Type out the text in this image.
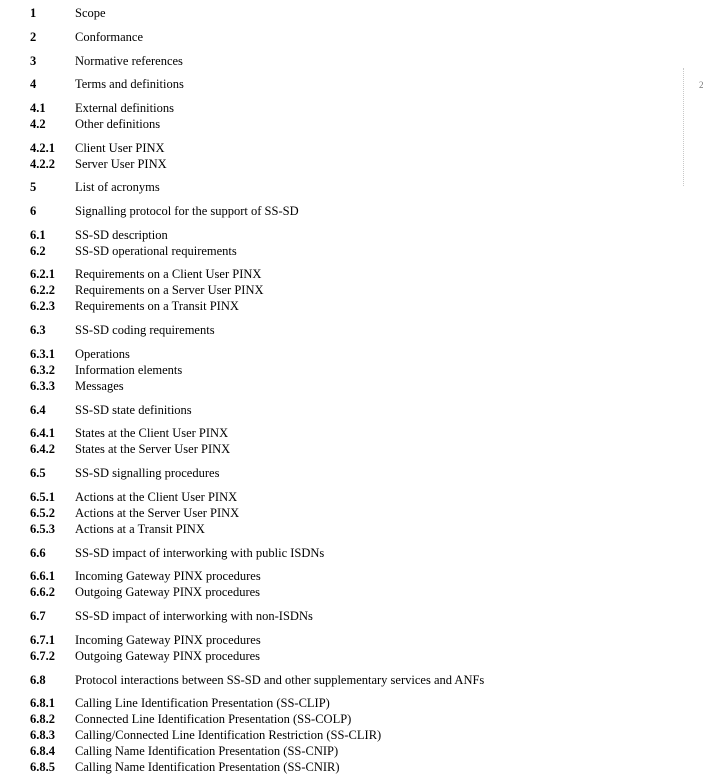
1	Scope
2	Conformance
3	Normative references
4	Terms and definitions
4.1 External definitions
4.2 Other definitions
4.2.1 Client User PINX
4.2.2 Server User PINX
5	List of acronyms
6	Signalling protocol for the support of SS-SD
6.1 SS-SD description
6.2 SS-SD operational requirements
6.2.1 Requirements on a Client User PINX
6.2.2 Requirements on a Server User PINX
6.2.3 Requirements on a Transit PINX
6.3 SS-SD coding requirements
6.3.1 Operations
6.3.2 Information elements
6.3.3 Messages
6.4 SS-SD state definitions
6.4.1 States at the Client User PINX
6.4.2 States at the Server User PINX
6.5 SS-SD signalling procedures
6.5.1 Actions at the Client User PINX
6.5.2 Actions at the Server User PINX
6.5.3 Actions at a Transit PINX
6.6 SS-SD impact of interworking with public ISDNs
6.6.1 Incoming Gateway PINX procedures
6.6.2 Outgoing Gateway PINX procedures
6.7 SS-SD impact of interworking with non-ISDNs
6.7.1 Incoming Gateway PINX procedures
6.7.2 Outgoing Gateway PINX procedures
6.8 Protocol interactions between SS-SD and other supplementary services and ANFs
6.8.1 Calling Line Identification Presentation (SS-CLIP)
6.8.2 Connected Line Identification Presentation (SS-COLP)
6.8.3 Calling/Connected Line Identification Restriction (SS-CLIR)
6.8.4 Calling Name Identification Presentation (SS-CNIP)
6.8.5 Calling Name Identification Presentation (SS-CNIR)
2
